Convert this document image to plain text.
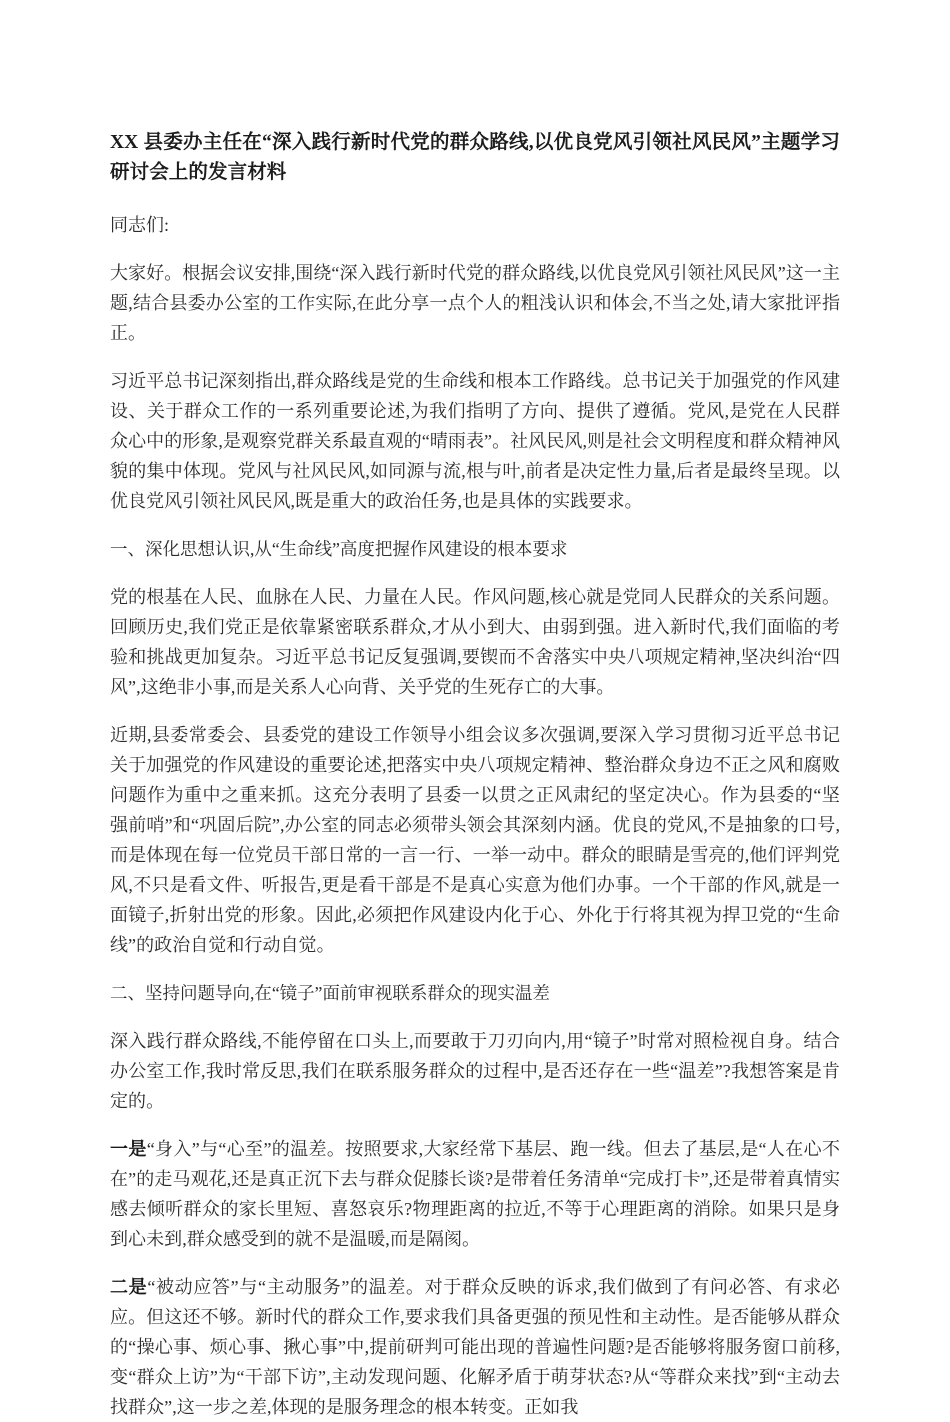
XX 县委办主任在“深入践行新时代党的群众路线,以优良党风引领社风民风”主题学习研讨会上的发言材料

同志们:

大家好。根据会议安排,围绕“深入践行新时代党的群众路线,以优良党风引领社风民风”这一主题,结合县委办公室的工作实际,在此分享一点个人的粗浅认识和体会,不当之处,请大家批评指正。

习近平总书记深刻指出,群众路线是党的生命线和根本工作路线。总书记关于加强党的作风建设、关于群众工作的一系列重要论述,为我们指明了方向、提供了遵循。党风,是党在人民群众心中的形象,是观察党群关系最直观的“晴雨表”。社风民风,则是社会文明程度和群众精神风貌的集中体现。党风与社风民风,如同源与流,根与叶,前者是决定性力量,后者是最终呈现。以优良党风引领社风民风,既是重大的政治任务,也是具体的实践要求。

一、深化思想认识,从“生命线”高度把握作风建设的根本要求

党的根基在人民、血脉在人民、力量在人民。作风问题,核心就是党同人民群众的关系问题。回顾历史,我们党正是依靠紧密联系群众,才从小到大、由弱到强。进入新时代,我们面临的考验和挑战更加复杂。习近平总书记反复强调,要锲而不舍落实中央八项规定精神,坚决纠治“四风”,这绝非小事,而是关系人心向背、关乎党的生死存亡的大事。

近期,县委常委会、县委党的建设工作领导小组会议多次强调,要深入学习贯彻习近平总书记关于加强党的作风建设的重要论述,把落实中央八项规定精神、整治群众身边不正之风和腐败问题作为重中之重来抓。这充分表明了县委一以贯之正风肃纪的坚定决心。作为县委的“坚强前哨”和“巩固后院”,办公室的同志必须带头领会其深刻内涵。优良的党风,不是抽象的口号,而是体现在每一位党员干部日常的一言一行、一举一动中。群众的眼睛是雪亮的,他们评判党风,不只是看文件、听报告,更是看干部是不是真心实意为他们办事。一个干部的作风,就是一面镜子,折射出党的形象。因此,必须把作风建设内化于心、外化于行将其视为捍卫党的“生命线”的政治自觉和行动自觉。

二、坚持问题导向,在“镜子”面前审视联系群众的现实温差

深入践行群众路线,不能停留在口头上,而要敢于刀刃向内,用“镜子”时常对照检视自身。结合办公室工作,我时常反思,我们在联系服务群众的过程中,是否还存在一些“温差”?我想答案是肯定的。

一是“身入”与“心至”的温差。按照要求,大家经常下基层、跑一线。但去了基层,是“人在心不在”的走马观花,还是真正沉下去与群众促膝长谈?是带着任务清单“完成打卡”,还是带着真情实感去倾听群众的家长里短、喜怒哀乐?物理距离的拉近,不等于心理距离的消除。如果只是身到心未到,群众感受到的就不是温暖,而是隔阂。

二是“被动应答”与“主动服务”的温差。对于群众反映的诉求,我们做到了有问必答、有求必应。但这还不够。新时代的群众工作,要求我们具备更强的预见性和主动性。是否能够从群众的“操心事、烦心事、揪心事”中,提前研判可能出现的普遍性问题?是否能够将服务窗口前移,变“群众上访”为“干部下访”,主动发现问题、化解矛盾于萌芽状态?从“等群众来找”到“主动去找群众”,这一步之差,体现的是服务理念的根本转变。正如我
